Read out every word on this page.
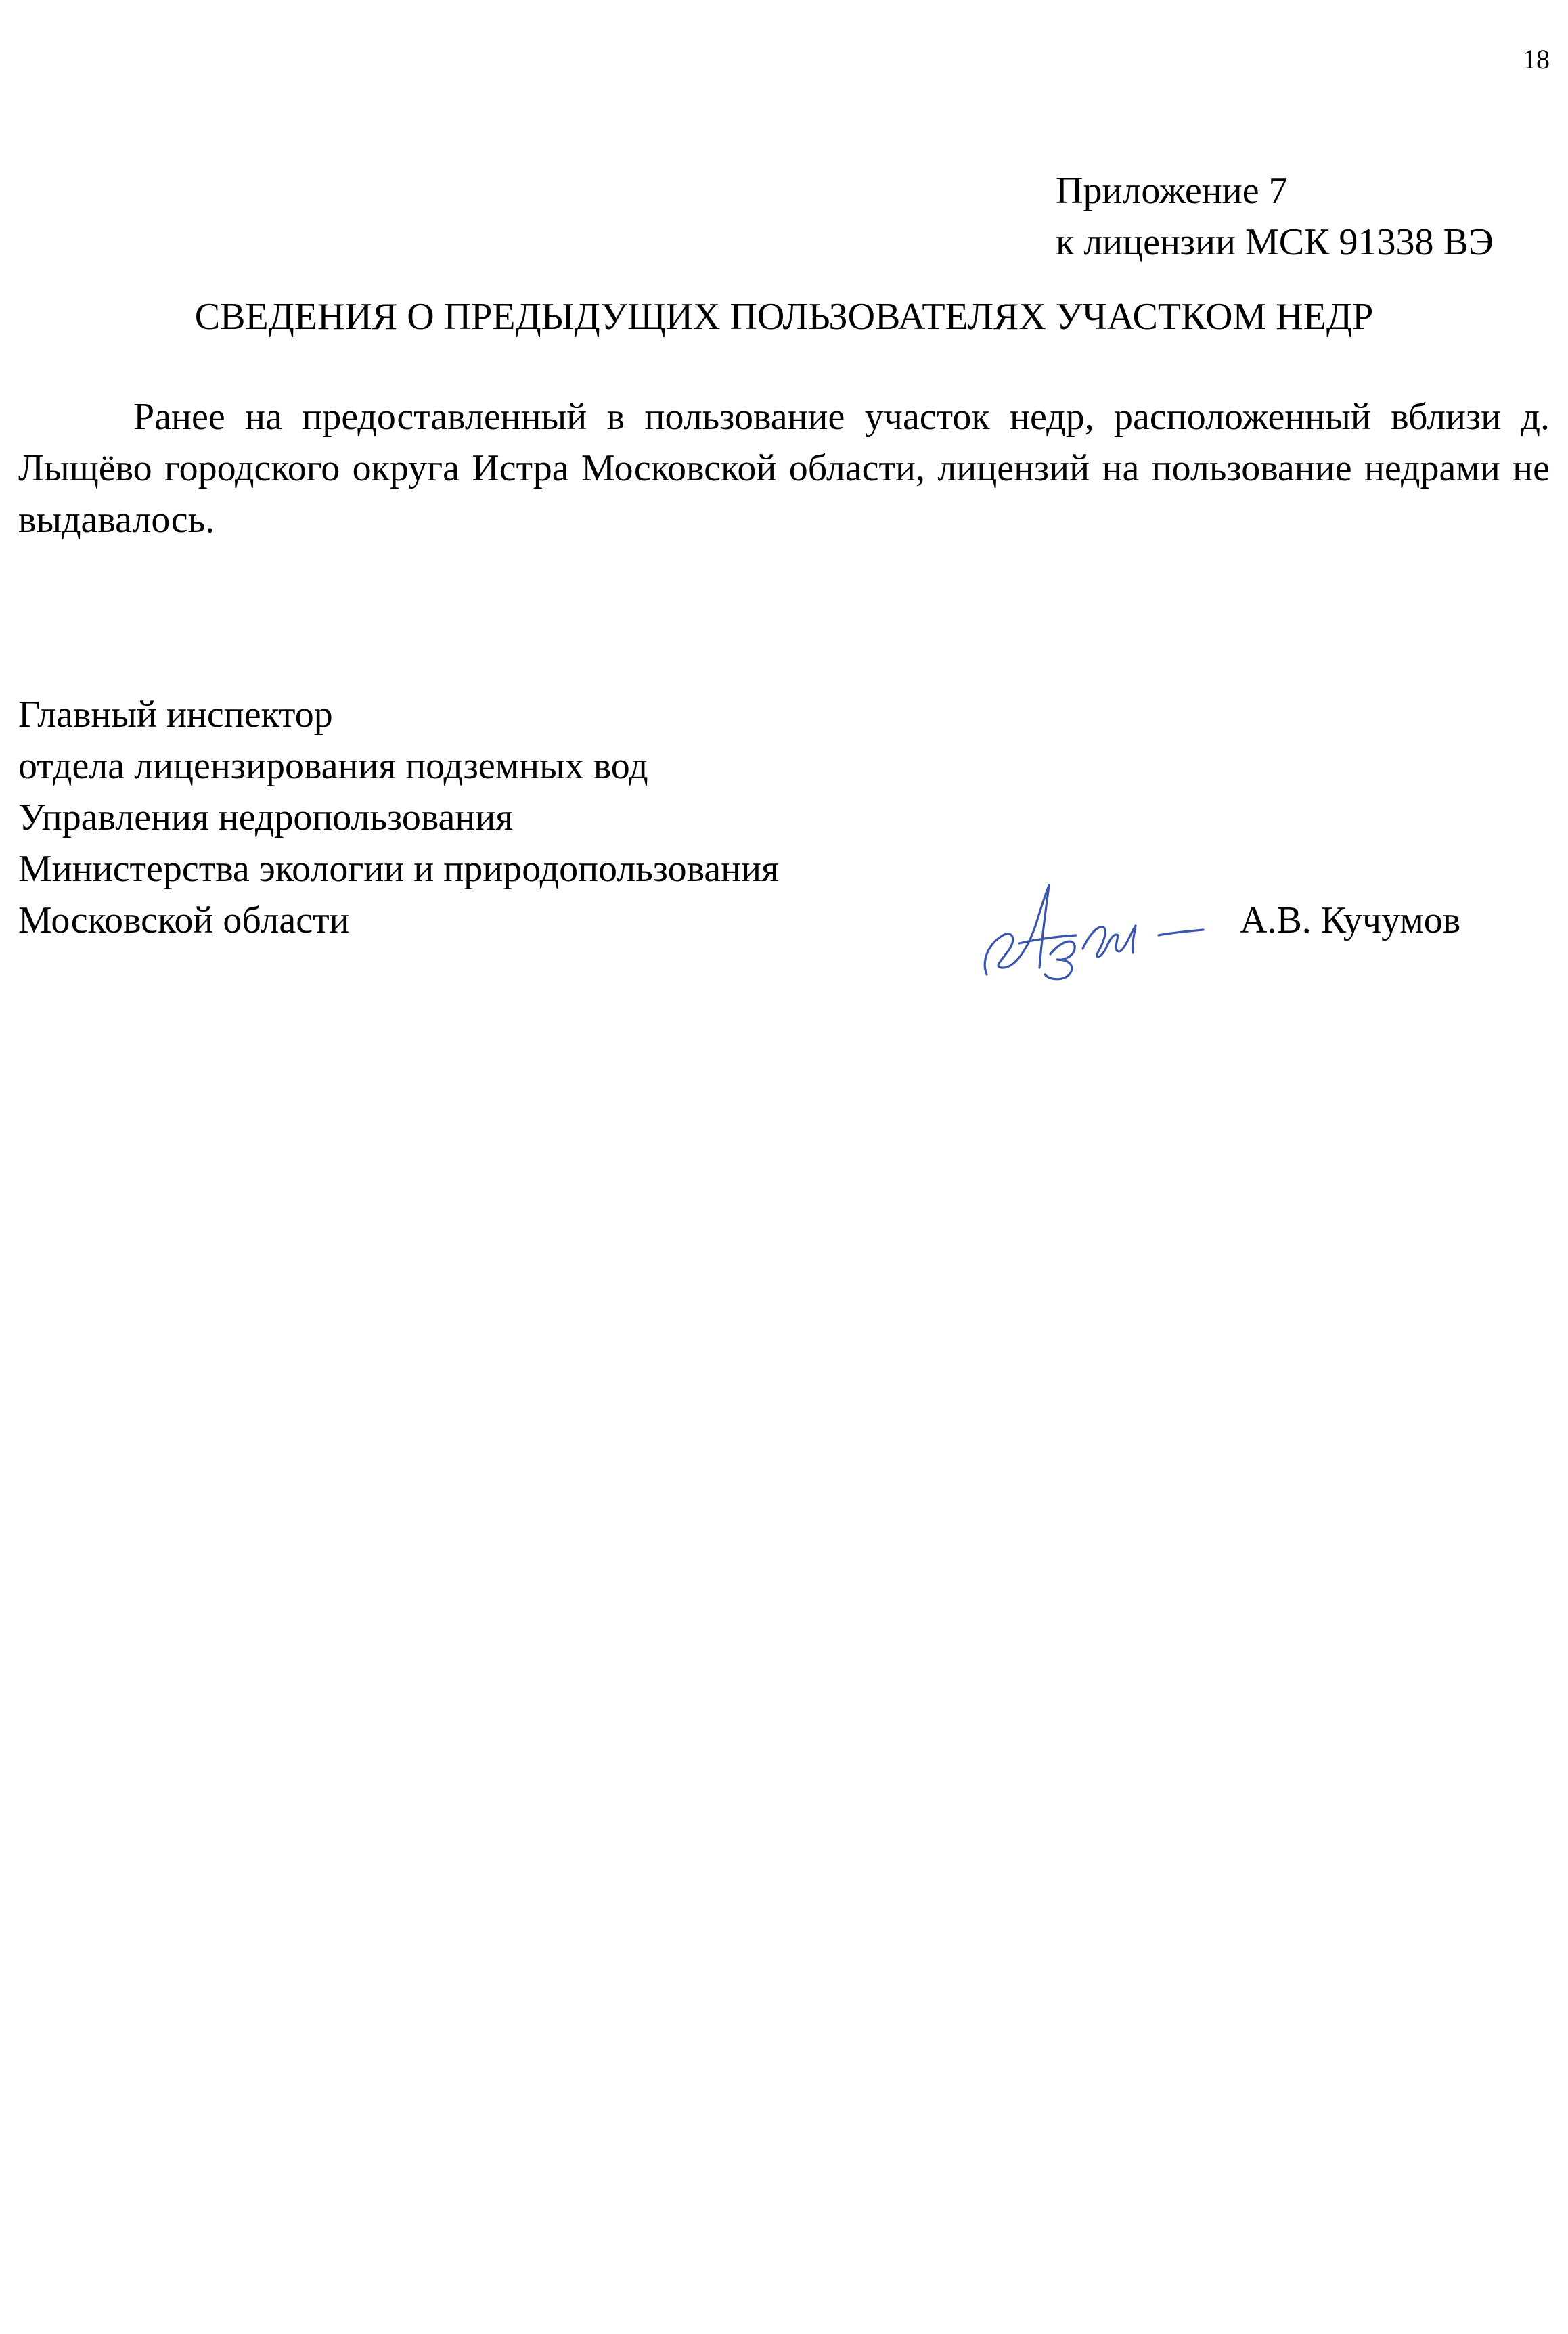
18
Приложение 7
к лицензии МСК 91338 ВЭ
СВЕДЕНИЯ О ПРЕДЫДУЩИХ ПОЛЬЗОВАТЕЛЯХ УЧАСТКОМ НЕДР
Ранее на предоставленный в пользование участок недр, расположенный вблизи д. Лыщёво городского округа Истра Московской области, лицензий на пользование недрами не выдавалось.
Главный инспектор
отдела лицензирования подземных вод
Управления недропользования
Министерства экологии и природопользования
Московской области	А.В. Кучумов
